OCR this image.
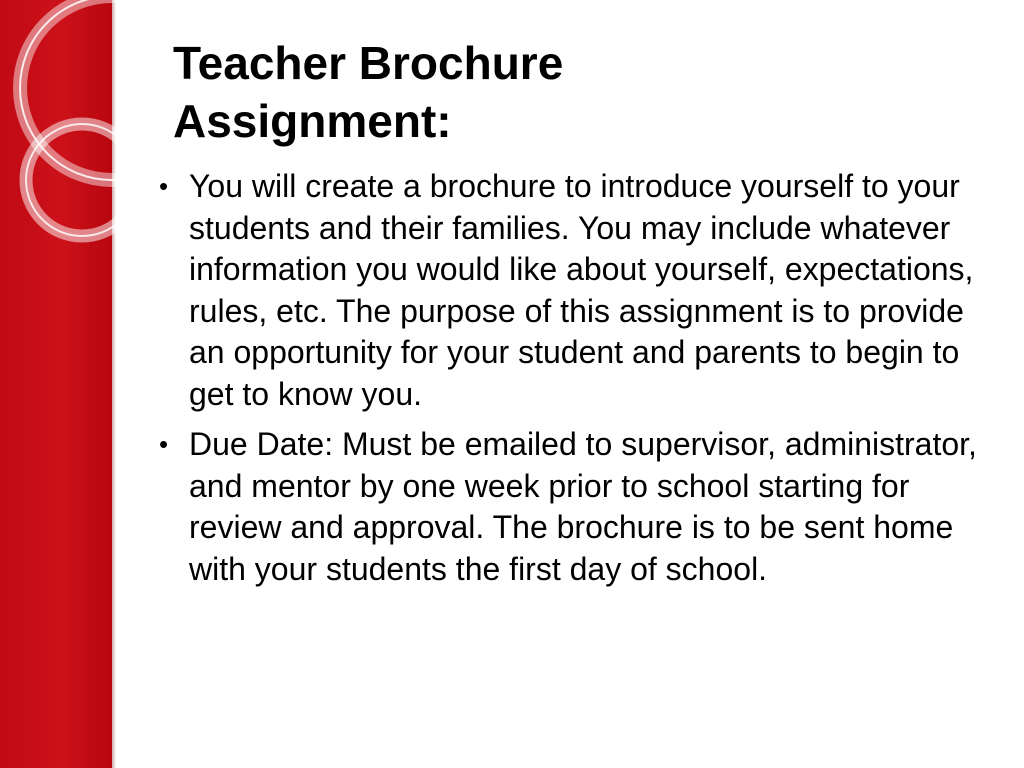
Teacher Brochure
Assignment:
• You will create a brochure to introduce yourself to your students and their families. You may include whatever information you would like about yourself, expectations, rules, etc. The purpose of this assignment is to provide an opportunity for your student and parents to begin to get to know you.
• Due Date: Must be emailed to supervisor, administrator, and mentor by one week prior to school starting for review and approval. The brochure is to be sent home with your students the first day of school.
